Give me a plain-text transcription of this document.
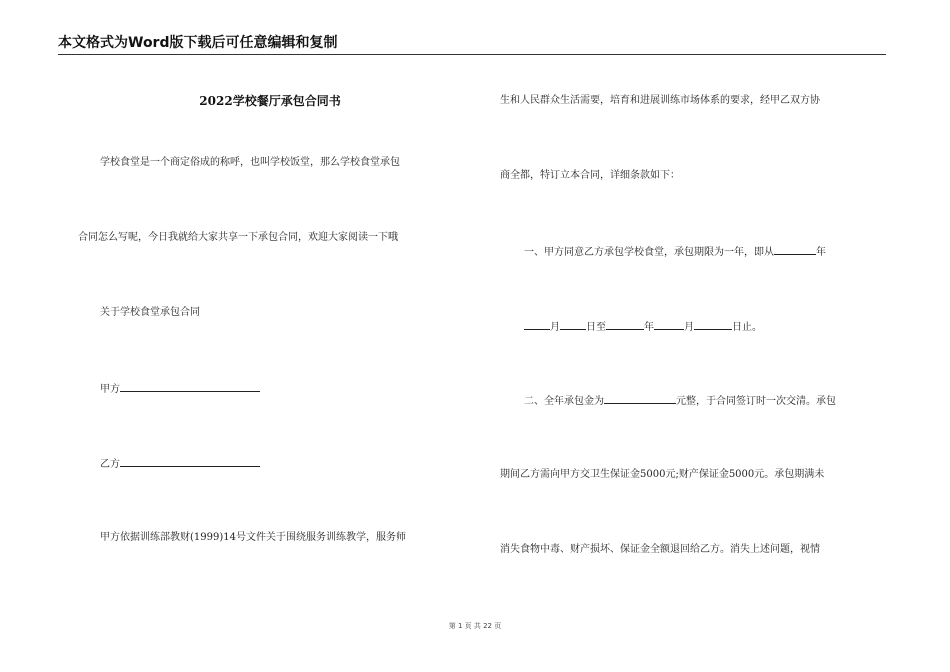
本文格式为Word版下载后可任意编辑和复制
2022学校餐厅承包合同书
学校食堂是一个商定俗成的称呼，也叫学校饭堂，那么学校食堂承包
合同怎么写呢，今日我就给大家共享一下承包合同，欢迎大家阅读一下哦
关于学校食堂承包合同
甲方
乙方
甲方依据训练部教财(1999)14号文件关于围绕服务训练教学，服务师
生和人民群众生活需要，培育和进展训练市场体系的要求，经甲乙双方协
商全都，特订立本合同，详细条款如下：
一、甲方同意乙方承包学校食堂，承包期限为一年，即从	年
月	日至	年	月	日止。
二、全年承包金为	元整，于合同签订时一次交清。承包
期间乙方需向甲方交卫生保证金5000元;财产保证金5000元。承包期满未
消失食物中毒、财产损坏、保证金全额退回给乙方。消失上述问题，视情
第 1 页 共 22 页
